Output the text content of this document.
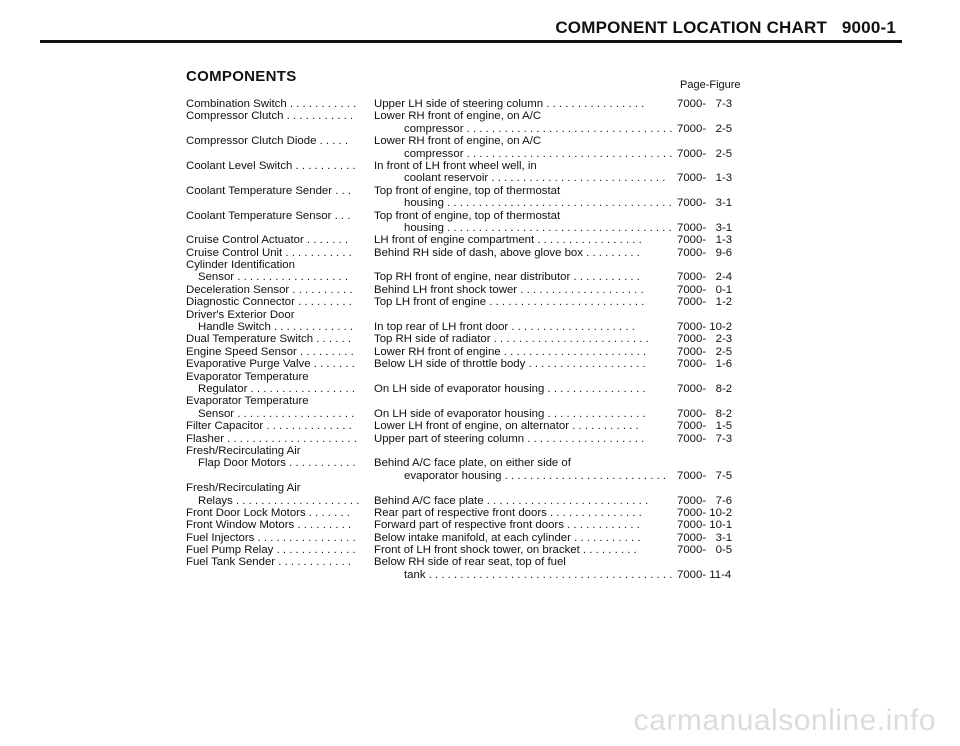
COMPONENT LOCATION CHART 9000-1
COMPONENTS	Page-Figure
Combination Switch . . . . . . . . . . . Upper LH side of steering column . . . . . . . . . . . . . . . .	7000-   7-3
Compressor Clutch . . . . . . . . . . . Lower RH front of engine, on A/C
compressor . . . . . . . . . . . . . . . . . . . . . . . . . . . . . . . . . 7000-   2-5
Compressor Clutch Diode . . . . . Lower RH front of engine, on A/C
compressor . . . . . . . . . . . . . . . . . . . . . . . . . . . . . . . . . 7000-   2-5
Coolant Level Switch . . . . . . . . . . In front of LH front wheel well, in
coolant reservoir . . . . . . . . . . . . . . . . . . . . . . . . . . . . 7000-   1-3
Coolant Temperature Sender . . . Top front of engine, top of thermostat
housing . . . . . . . . . . . . . . . . . . . . . . . . . . . . . . . . . . . . 7000-   3-1
Coolant Temperature Sensor . . . Top front of engine, top of thermostat
housing . . . . . . . . . . . . . . . . . . . . . . . . . . . . . . . . . . . . 7000-   3-1
Cruise Control Actuator . . . . . . . LH front of engine compartment . . . . . . . . . . . . . . . . .	7000-   1-3
Cruise Control Unit . . . . . . . . . . . Behind RH side of dash, above glove box . . . . . . . . .	7000-   9-6
Cylinder Identification
Sensor . . . . . . . . . . . . . . . . . . Top RH front of engine, near distributor . . . . . . . . . . .	7000-   2-4
Deceleration Sensor . . . . . . . . . . Behind LH front shock tower . . . . . . . . . . . . . . . . . . . .	7000-   0-1
Diagnostic Connector . . . . . . . . . Top LH front of engine . . . . . . . . . . . . . . . . . . . . . . . . .	7000-   1-2
Driver's Exterior Door
Handle Switch . . . . . . . . . . . . . In top rear of LH front door . . . . . . . . . . . . . . . . . . . .	7000- 10-2
Dual Temperature Switch . . . . . . Top RH side of radiator . . . . . . . . . . . . . . . . . . . . . . . . . 7000-   2-3
Engine Speed Sensor . . . . . . . . . Lower RH front of engine . . . . . . . . . . . . . . . . . . . . . . .	7000-   2-5
Evaporative Purge Valve . . . . . . . Below LH side of throttle body . . . . . . . . . . . . . . . . . . .	7000-   1-6
Evaporator Temperature
Regulator . . . . . . . . . . . . . . . . . On LH side of evaporator housing . . . . . . . . . . . . . . . .	7000-   8-2
Evaporator Temperature
Sensor . . . . . . . . . . . . . . . . . . . On LH side of evaporator housing . . . . . . . . . . . . . . . .	7000-   8-2
Filter Capacitor . . . . . . . . . . . . . . Lower LH front of engine, on alternator . . . . . . . . . . .	7000-   1-5
Flasher . . . . . . . . . . . . . . . . . . . . . Upper part of steering column . . . . . . . . . . . . . . . . . . .	7000-   7-3
Fresh/Recirculating Air
Flap Door Motors . . . . . . . . . . . Behind A/C face plate, on either side of
evaporator housing . . . . . . . . . . . . . . . . . . . . . . . . . . 7000-   7-5
Fresh/Recirculating Air
Relays . . . . . . . . . . . . . . . . . . . . Behind A/C face plate . . . . . . . . . . . . . . . . . . . . . . . . . .	7000-   7-6
Front Door Lock Motors . . . . . . . Rear part of respective front doors . . . . . . . . . . . . . . .	7000- 10-2
Front Window Motors . . . . . . . . . Forward part of respective front doors . . . . . . . . . . . .	7000- 10-1
Fuel Injectors . . . . . . . . . . . . . . . . Below intake manifold, at each cylinder . . . . . . . . . . .	7000-   3-1
Fuel Pump Relay . . . . . . . . . . . . . Front of LH front shock tower, on bracket . . . . . . . . .	7000-   0-5
Fuel Tank Sender . . . . . . . . . . . . Below RH side of rear seat, top of fuel
tank . . . . . . . . . . . . . . . . . . . . . . . . . . . . . . . . . . . . . . . 7000- 11-4
carmanualsonline.info
